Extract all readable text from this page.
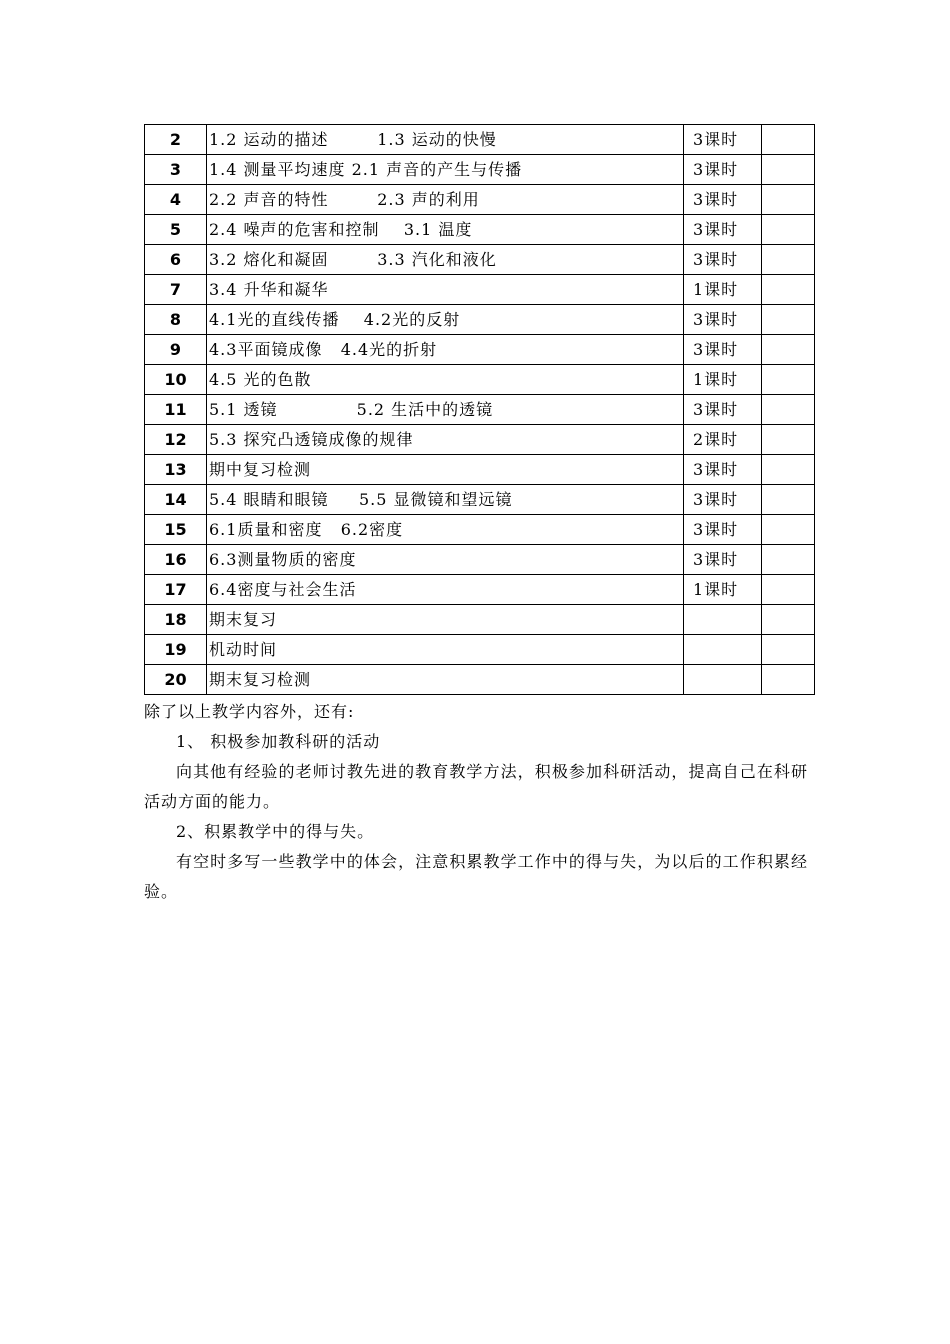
2	1.2 运动的描述        1.3 运动的快慢	3课时	
3	1.4 测量平均速度 2.1 声音的产生与传播	3课时	
4	2.2 声音的特性        2.3 声的利用	3课时	
5	2.4 噪声的危害和控制    3.1 温度	3课时	
6	3.2 熔化和凝固        3.3 汽化和液化	3课时	
7	3.4 升华和凝华	1课时	
8	4.1光的直线传播    4.2光的反射	3课时	
9	4.3平面镜成像   4.4光的折射	3课时	
10	4.5 光的色散	1课时	
11	5.1 透镜             5.2 生活中的透镜	3课时	
12	5.3 探究凸透镜成像的规律	2课时	
13	期中复习检测	3课时	
14	5.4 眼睛和眼镜     5.5 显微镜和望远镜	3课时	
15	6.1质量和密度   6.2密度	3课时	
16	6.3测量物质的密度	3课时	
17	6.4密度与社会生活	1课时	
18	期末复习		
19	机动时间		
20	期末复习检测		

除了以上教学内容外，还有:

1、 积极参加教科研的活动

向其他有经验的老师讨教先进的教育教学方法，积极参加科研活动，提高自己在科研活动方面的能力。

2、积累教学中的得与失。

有空时多写一些教学中的体会，注意积累教学工作中的得与失，为以后的工作积累经验。
